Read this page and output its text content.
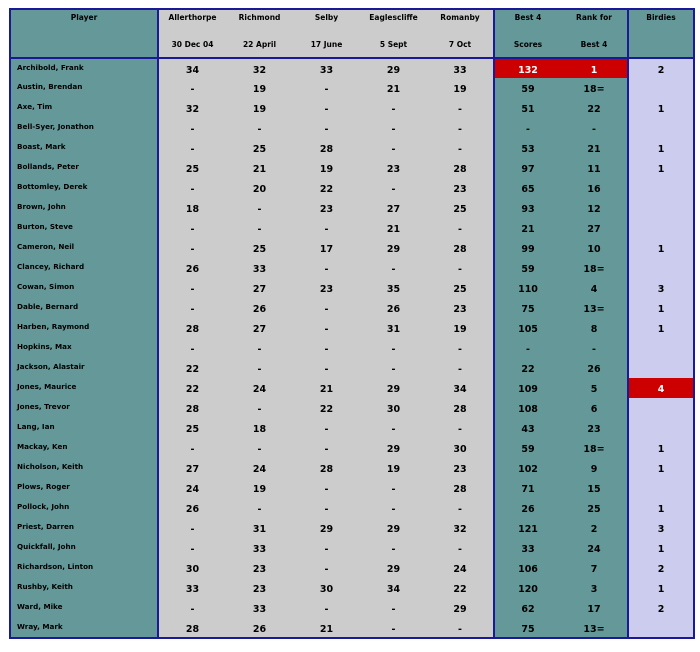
Player	Allerthorpe	Richmond	Selby	Eaglescliffe	Romanby	Best 4	Rank for	Birdies
	30 Dec 04	22 April	17 June	5 Sept	7 Oct	Scores	Best 4	
Archibold, Frank	34	32	33	29	33	132	1	2
Austin, Brendan	-	19	-	21	19	59	18=	
Axe, Tim	32	19	-	-	-	51	22	1
Bell-Syer, Jonathon	-	-	-	-	-	-	-	
Boast, Mark	-	25	28	-	-	53	21	1
Bollands, Peter	25	21	19	23	28	97	11	1
Bottomley, Derek	-	20	22	-	23	65	16	
Brown, John	18	-	23	27	25	93	12	
Burton, Steve	-	-	-	21	-	21	27	
Cameron, Neil	-	25	17	29	28	99	10	1
Clancey, Richard	26	33	-	-	-	59	18=	
Cowan, Simon	-	27	23	35	25	110	4	3
Dable, Bernard	-	26	-	26	23	75	13=	1
Harben, Raymond	28	27	-	31	19	105	8	1
Hopkins, Max	-	-	-	-	-	-	-	
Jackson, Alastair	22	-	-	-	-	22	26	
Jones, Maurice	22	24	21	29	34	109	5	4
Jones, Trevor	28	-	22	30	28	108	6	
Lang, Ian	25	18	-	-	-	43	23	
Mackay, Ken	-	-	-	29	30	59	18=	1
Nicholson, Keith	27	24	28	19	23	102	9	1
Plows, Roger	24	19	-	-	28	71	15	
Pollock, John	26	-	-	-	-	26	25	1
Priest, Darren	-	31	29	29	32	121	2	3
Quickfall, John	-	33	-	-	-	33	24	1
Richardson, Linton	30	23	-	29	24	106	7	2
Rushby, Keith	33	23	30	34	22	120	3	1
Ward, Mike	-	33	-	-	29	62	17	2
Wray, Mark	28	26	21	-	-	75	13=	
